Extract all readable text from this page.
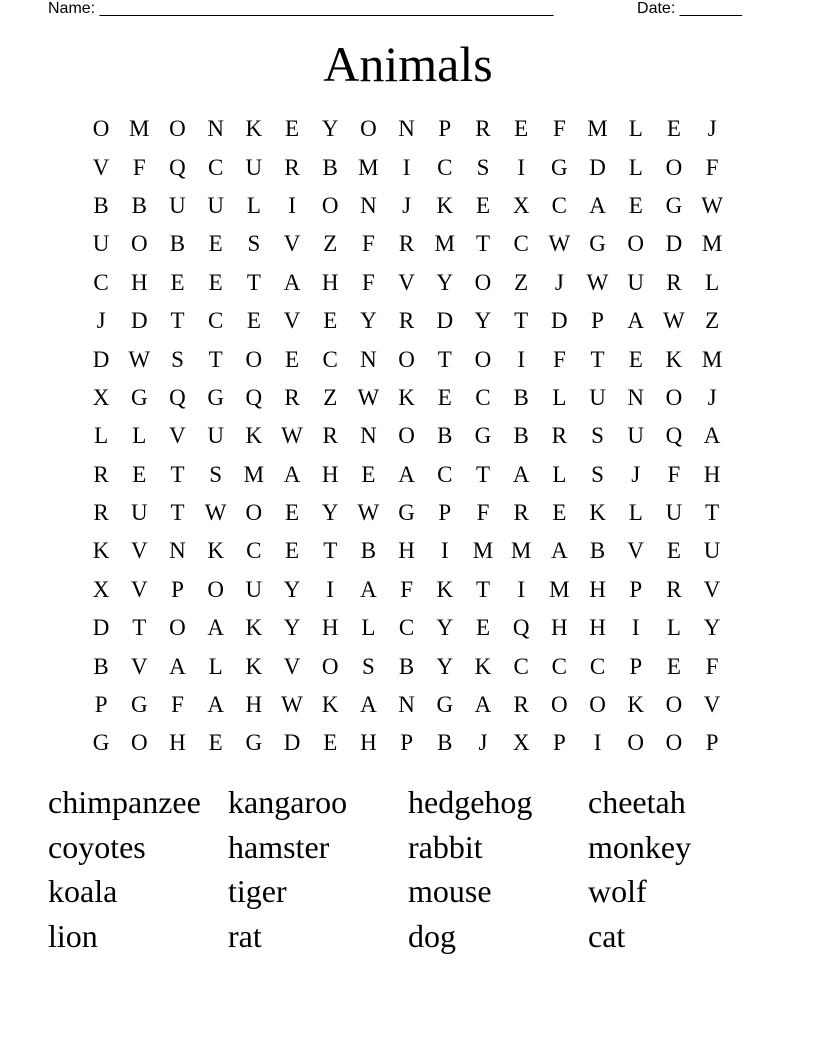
Name: ___________________________________________________	Date: _______
Animals
O M O N K E Y O N	P	R	E	F M L	E	J
V	F	Q C U R B M	I	C	S	I	G D L O	F
B B U U L	I	O N	J	K E X C A E G W
U O B	E	S	V Z	F	R M T	C W G O D M
C H E	E	T A H	F	V Y O Z	J W U R	L
J	D T	C	E V E Y R D Y T D	P	A W Z
D W S	T O E	C N O T O	I	F	T	E K M
X G Q G Q R	Z W K E	C B	L U N O	J
L	L V U K W R N O B G B R	S	U Q A
R	E	T	S M A H E A C	T A L	S	J	F	H
R U T W O E Y W G	P	F	R	E K L U T
K V N K C	E	T	B H	I	M M A B V E U
X V	P	O U Y	I	A	F	K T	I	M H	P	R V
D T O A K Y H L	C Y E Q H H	I	L Y
B V A L K V O	S	B Y K C C C	P	E	F
P	G	F	A H W K A N G A R O O K O V
G O H E G D E H	P	B	J	X	P	I	O O	P
chimpanzee kangaroo	hedgehog	cheetah
coyotes	hamster	rabbit	monkey
koala	tiger	mouse	wolf
lion	rat	dog	cat
